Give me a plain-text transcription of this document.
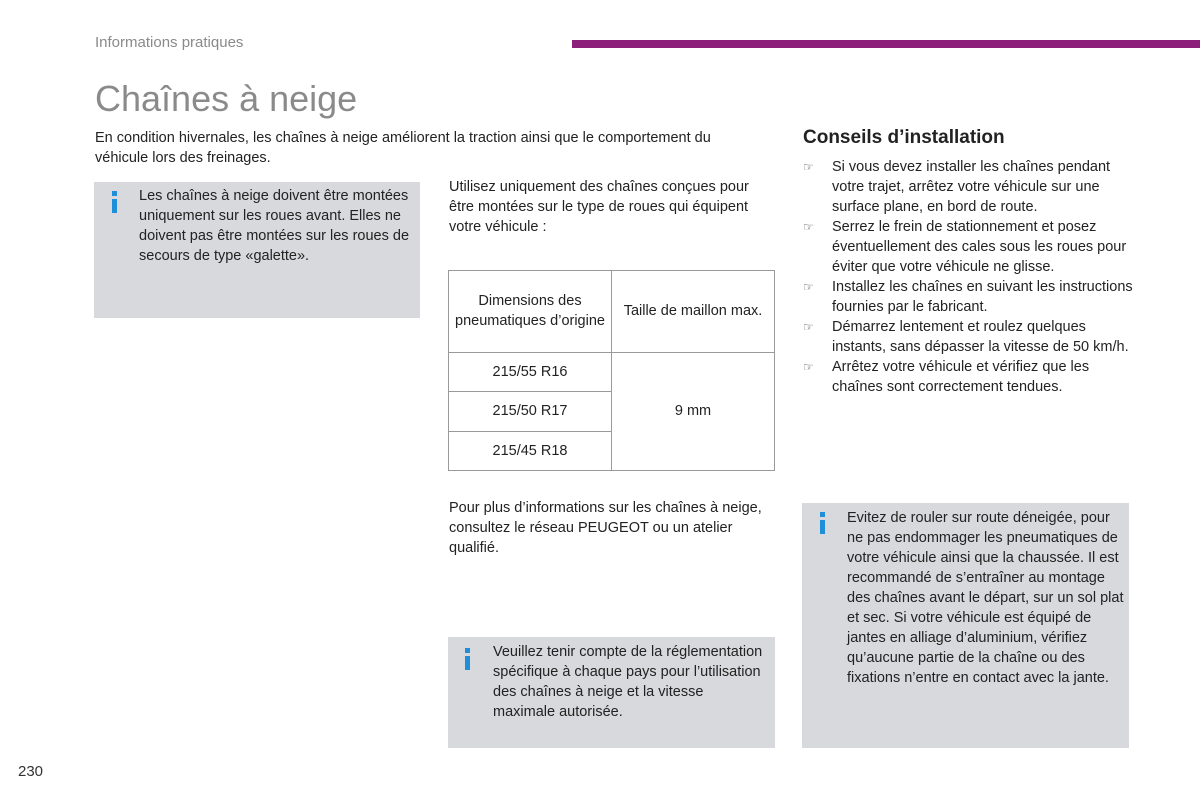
Informations pratiques
Chaînes à neige
En condition hivernales, les chaînes à neige améliorent la traction ainsi que le comportement du véhicule lors des freinages.
Les chaînes à neige doivent être montées uniquement sur les roues avant. Elles ne doivent pas être montées sur les roues de secours de type «galette».
Utilisez uniquement des chaînes conçues pour être montées sur le type de roues qui équipent votre véhicule :
Dimensions des pneumatiques d’origine	Taille de maillon max.
215/55 R16	9 mm
215/50 R17	
215/45 R18	
Pour plus d’informations sur les chaînes à neige, consultez le réseau PEUGEOT ou un atelier qualifié.
Veuillez tenir compte de la réglementation spécifique à chaque pays pour l’utilisation des chaînes à neige et la vitesse maximale autorisée.
Conseils d’installation
☞ Si vous devez installer les chaînes pendant votre trajet, arrêtez votre véhicule sur une surface plane, en bord de route.
☞ Serrez le frein de stationnement et posez éventuellement des cales sous les roues pour éviter que votre véhicule ne glisse.
☞ Installez les chaînes en suivant les instructions fournies par le fabricant.
☞ Démarrez lentement et roulez quelques instants, sans dépasser la vitesse de 50 km/h.
☞ Arrêtez votre véhicule et vérifiez que les chaînes sont correctement tendues.
Evitez de rouler sur route déneigée, pour ne pas endommager les pneumatiques de votre véhicule ainsi que la chaussée. Il est recommandé de s’entraîner au montage des chaînes avant le départ, sur un sol plat et sec. Si votre véhicule est équipé de jantes en alliage d’aluminium, vérifiez qu’aucune partie de la chaîne ou des fixations n’entre en contact avec la jante.
230
